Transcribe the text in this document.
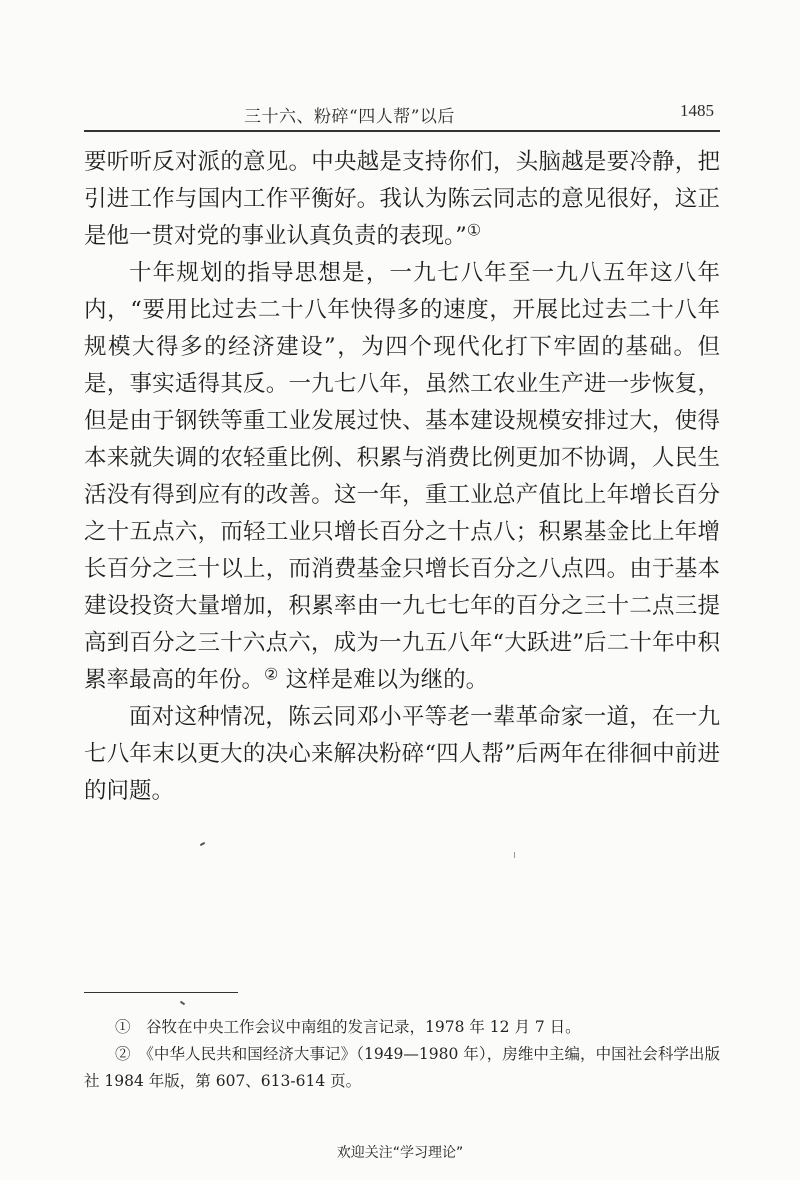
三十六、粉碎“四人帮”以后	1485

要听听反对派的意见。中央越是支持你们，头脑越是要冷静，把引进工作与国内工作平衡好。我认为陈云同志的意见很好，这正是他一贯对党的事业认真负责的表现。”①

十年规划的指导思想是，一九七八年至一九八五年这八年内，“要用比过去二十八年快得多的速度，开展比过去二十八年规模大得多的经济建设”，为四个现代化打下牢固的基础。但是，事实适得其反。一九七八年，虽然工农业生产进一步恢复，但是由于钢铁等重工业发展过快、基本建设规模安排过大，使得本来就失调的农轻重比例、积累与消费比例更加不协调，人民生活没有得到应有的改善。这一年，重工业总产值比上年增长百分之十五点六，而轻工业只增长百分之十点八；积累基金比上年增长百分之三十以上，而消费基金只增长百分之八点四。由于基本建设投资大量增加，积累率由一九七七年的百分之三十二点三提高到百分之三十六点六，成为一九五八年“大跃进”后二十年中积累率最高的年份。② 这样是难以为继的。

面对这种情况，陈云同邓小平等老一辈革命家一道，在一九七八年末以更大的决心来解决粉碎“四人帮”后两年在徘徊中前进的问题。

①　谷牧在中央工作会议中南组的发言记录，1978 年 12 月 7 日。

②　《中华人民共和国经济大事记》（1949—1980 年），房维中主编，中国社会科学出版社 1984 年版，第 607、613-614 页。

欢迎关注“学习理论”
